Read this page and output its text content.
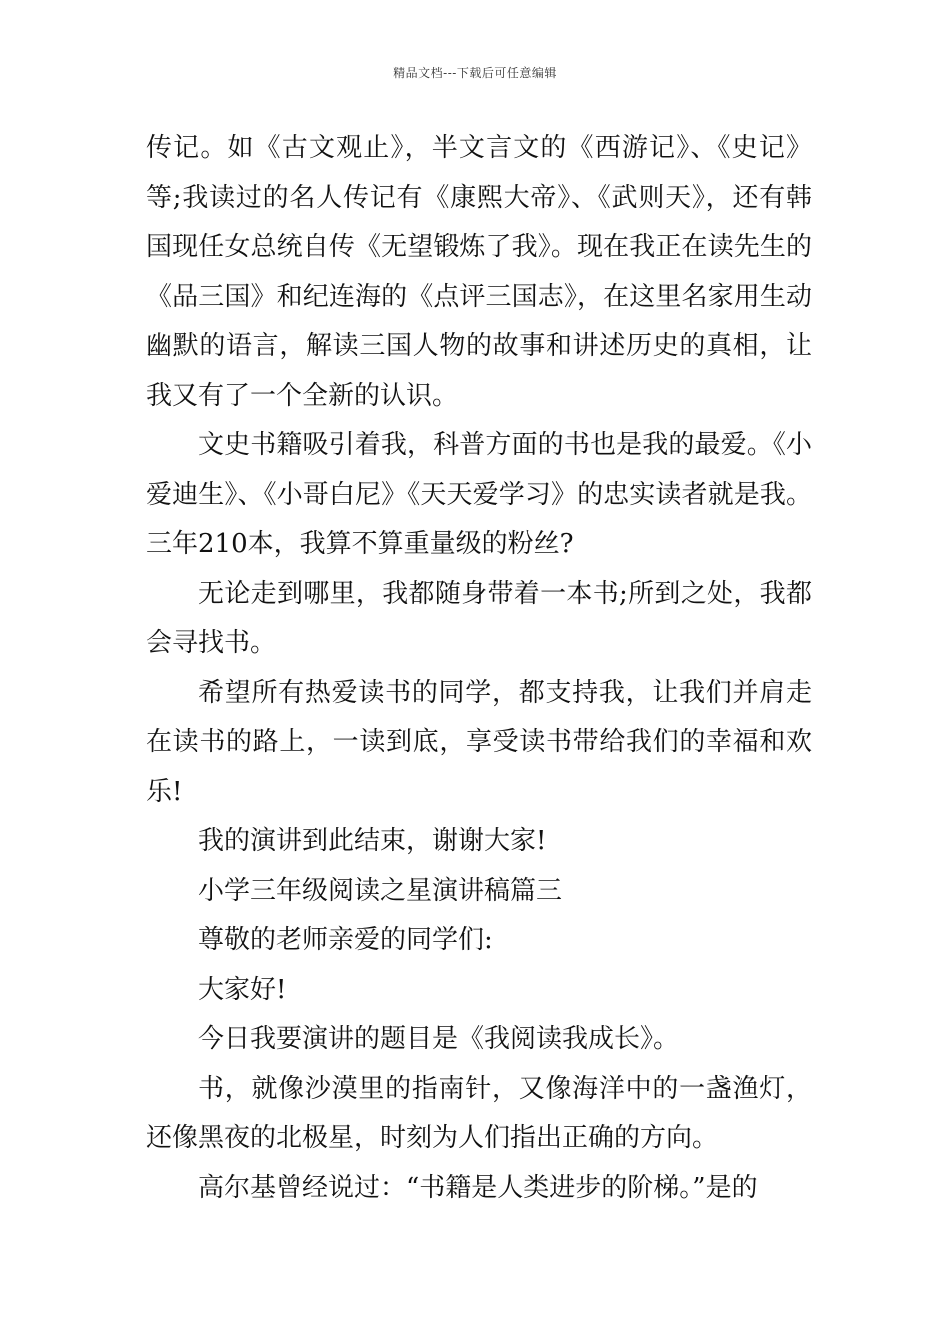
精品文档---下载后可任意编辑

传记。如《古文观止》，半文言文的《西游记》、《史记》等;我读过的名人传记有《康熙大帝》、《武则天》，还有韩国现任女总统自传《无望锻炼了我》。现在我正在读先生的《品三国》和纪连海的《点评三国志》，在这里名家用生动幽默的语言，解读三国人物的故事和讲述历史的真相，让我又有了一个全新的认识。

文史书籍吸引着我，科普方面的书也是我的最爱。《小爱迪生》、《小哥白尼》《天天爱学习》的忠实读者就是我。三年210本，我算不算重量级的粉丝?

无论走到哪里，我都随身带着一本书;所到之处，我都会寻找书。

希望所有热爱读书的同学，都支持我，让我们并肩走在读书的路上，一读到底，享受读书带给我们的幸福和欢乐!

我的演讲到此结束，谢谢大家!

小学三年级阅读之星演讲稿篇三

尊敬的老师亲爱的同学们:

大家好!

今日我要演讲的题目是《我阅读我成长》。

书，就像沙漠里的指南针，又像海洋中的一盏渔灯，还像黑夜的北极星，时刻为人们指出正确的方向。

高尔基曾经说过：“书籍是人类进步的阶梯。”是的
